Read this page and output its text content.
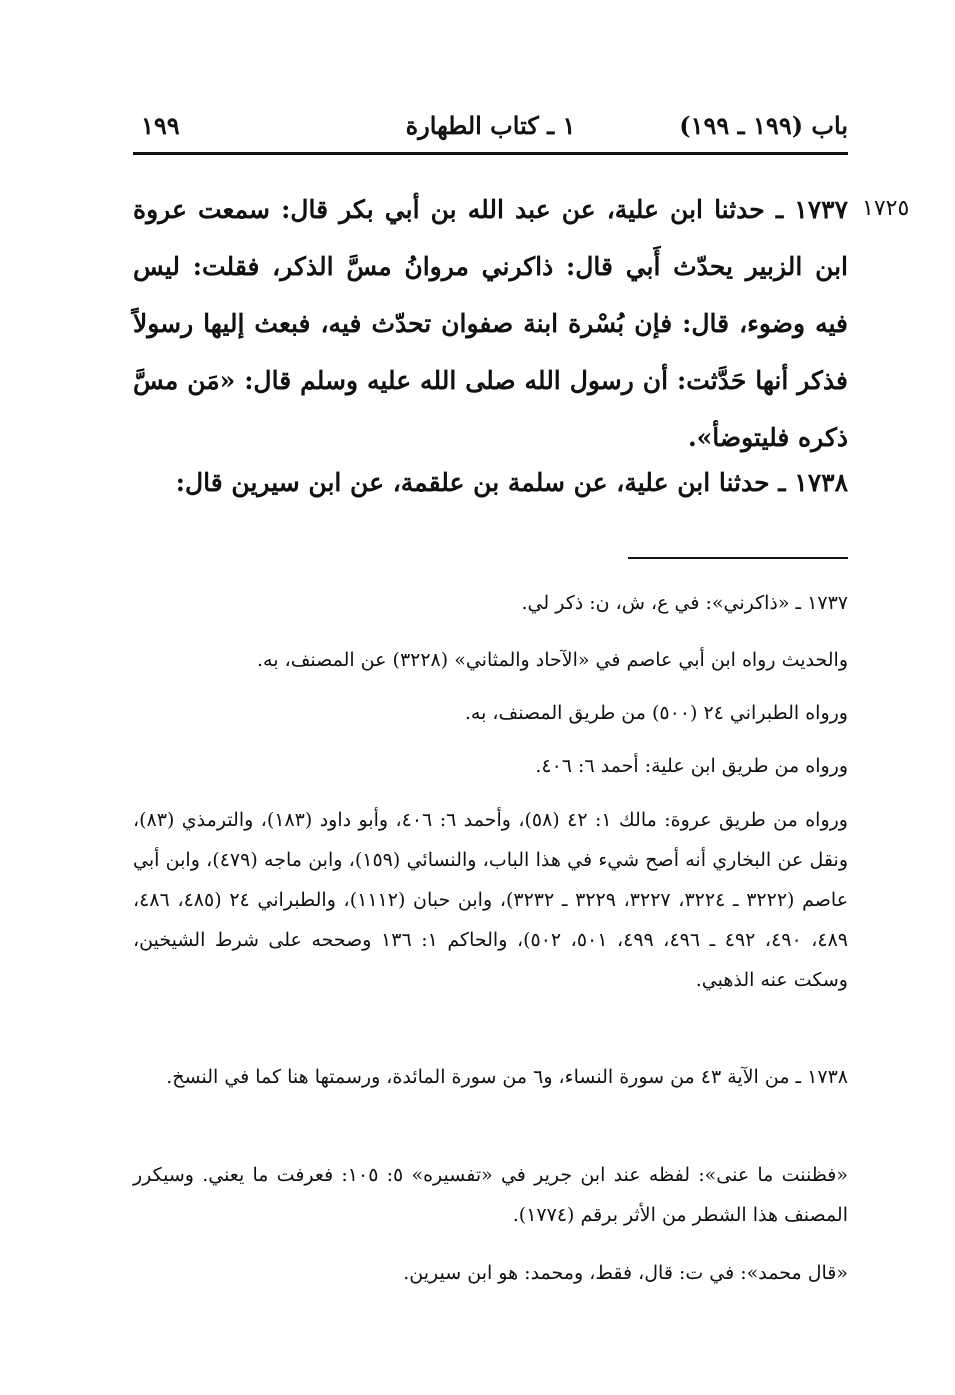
باب (١٩٩ ـ ١٩٩)
١ ـ كتاب الطهارة
١٩٩
١٧٢٥

١٧٣٧ ـ حدثنا ابن علية، عن عبد الله بن أبي بكر قال: سمعت عروة ابن الزبير يحدّث أَبي قال: ذاكرني مروانُ مسَّ الذكر، فقلت: ليس فيه وضوء، قال: فإن بُسْرة ابنة صفوان تحدّث فيه، فبعث إليها رسولاً فذكر أنها حَدَّثت: أن رسول الله صلى الله عليه وسلم قال: «مَن مسَّ ذكره فليتوضأ».

١٧٣٨ ـ حدثنا ابن علية، عن سلمة بن علقمة، عن ابن سيرين قال:

١٧٣٧ ـ «ذاكرني»: في ع، ش، ن: ذكر لي.

والحديث رواه ابن أبي عاصم في «الآحاد والمثاني» (٣٢٢٨) عن المصنف، به.

ورواه الطبراني ٢٤ (٥٠٠) من طريق المصنف، به.

ورواه من طريق ابن علية: أحمد ٦: ٤٠٦.

ورواه من طريق عروة: مالك ١: ٤٢ (٥٨)، وأحمد ٦: ٤٠٦، وأبو داود (١٨٣)، والترمذي (٨٣)، ونقل عن البخاري أنه أصح شيء في هذا الباب، والنسائي (١٥٩)، وابن ماجه (٤٧٩)، وابن أبي عاصم (٣٢٢٢ ـ ٣٢٢٤، ٣٢٢٧، ٣٢٢٩ ـ ٣٢٣٢)، وابن حبان (١١١٢)، والطبراني ٢٤ (٤٨٥، ٤٨٦، ٤٨٩، ٤٩٠، ٤٩٢ ـ ٤٩٦، ٤٩٩، ٥٠١، ٥٠٢)، والحاكم ١: ١٣٦ وصححه على شرط الشيخين، وسكت عنه الذهبي.

١٧٣٨ ـ من الآية ٤٣ من سورة النساء، و٦ من سورة المائدة، ورسمتها هنا كما في النسخ.

«فظننت ما عنى»: لفظه عند ابن جرير في «تفسيره» ٥: ١٠٥: فعرفت ما يعني. وسيكرر المصنف هذا الشطر من الأثر برقم (١٧٧٤).

«قال محمد»: في ت: قال، فقط، ومحمد: هو ابن سيرين.
